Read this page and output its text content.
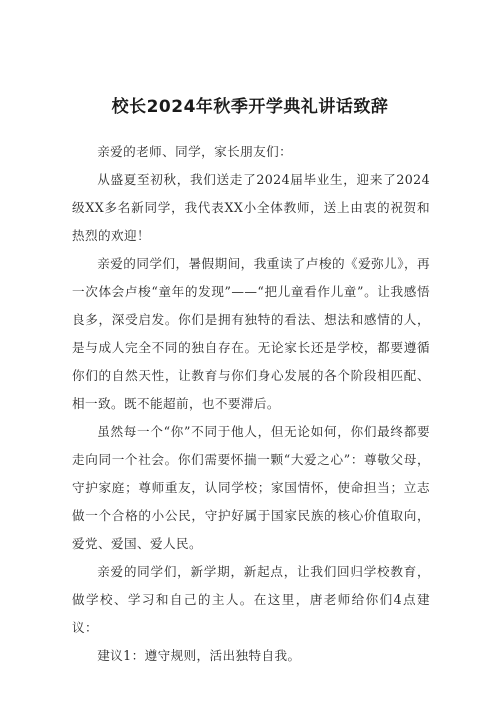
校长2024年秋季开学典礼讲话致辞

亲爱的老师、同学，家长朋友们：

从盛夏至初秋，我们送走了2024届毕业生，迎来了2024级XX多名新同学，我代表XX小全体教师，送上由衷的祝贺和热烈的欢迎！

亲爱的同学们，暑假期间，我重读了卢梭的《爱弥儿》，再一次体会卢梭“童年的发现”——“把儿童看作儿童”。让我感悟良多，深受启发。你们是拥有独特的看法、想法和感情的人，是与成人完全不同的独自存在。无论家长还是学校，都要遵循你们的自然天性，让教育与你们身心发展的各个阶段相匹配、相一致。既不能超前，也不要滞后。

虽然每一个“你”不同于他人，但无论如何，你们最终都要走向同一个社会。你们需要怀揣一颗“大爱之心”：尊敬父母，守护家庭；尊师重友，认同学校；家国情怀，使命担当；立志做一个合格的小公民，守护好属于国家民族的核心价值取向，爱党、爱国、爱人民。

亲爱的同学们，新学期，新起点，让我们回归学校教育，做学校、学习和自己的主人。在这里，唐老师给你们4点建议：

建议1：遵守规则，活出独特自我。
